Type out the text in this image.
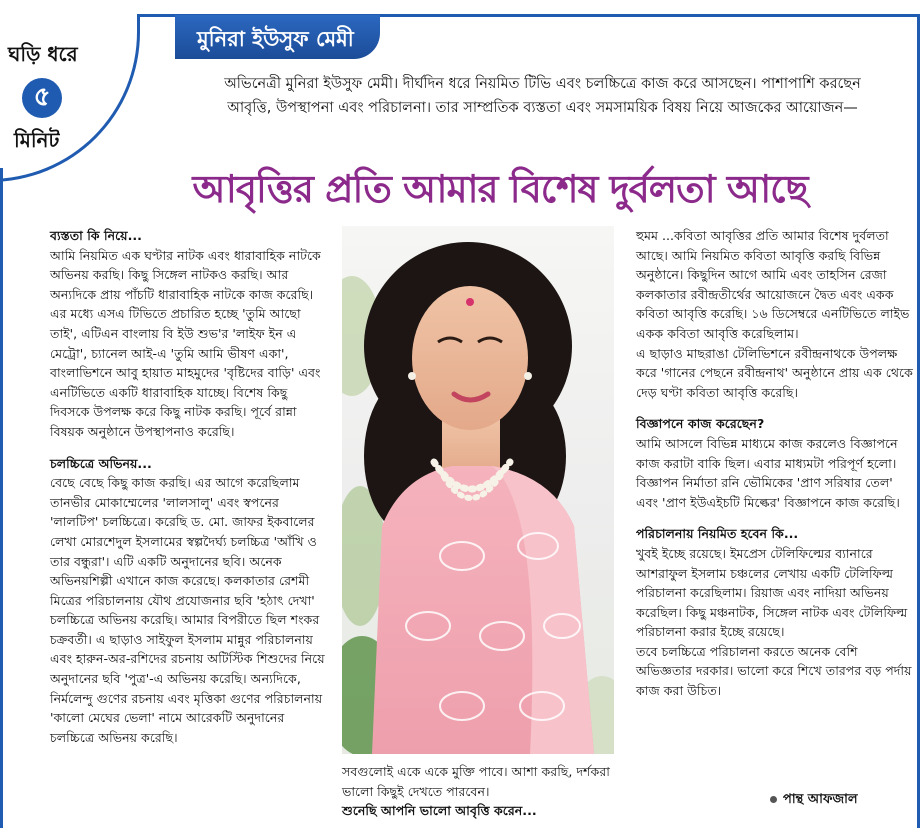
ঘড়ি ধরে
৫
মিনিট
মুনিরা ইউসুফ মেমী
অভিনেত্রী মুনিরা ইউসুফ মেমী। দীর্ঘদিন ধরে নিয়মিত টিভি এবং চলচ্চিত্রে কাজ করে আসছেন। পাশাপাশি করছেন আবৃত্তি, উপস্থাপনা এবং পরিচালনা। তার সাম্প্রতিক ব্যস্ততা এবং সমসাময়িক বিষয় নিয়ে আজকের আয়োজন—
আবৃত্তির প্রতি আমার বিশেষ দুর্বলতা আছে

ব্যস্ততা কি নিয়ে...

আমি নিয়মিত এক ঘণ্টার নাটক এবং ধারাবাহিক নাটকে অভিনয় করছি। কিছু সিঙ্গেল নাটকও করছি। আর অন্যদিকে প্রায় পাঁচটি ধারাবাহিক নাটকে কাজ করেছি। এর মধ্যে এসএ টিভিতে প্রচারিত হচ্ছে 'তুমি আছো তাই', এটিএন বাংলায় বি ইউ শুভ'র 'লাইফ ইন এ মেট্রো', চ্যানেল আই-এ 'তুমি আমি ভীষণ একা', বাংলাভিশনে আবু হায়াত মাহমুদের 'বৃষ্টিদের বাড়ি' এবং এনটিভিতে একটি ধারাবাহিক যাচ্ছে। বিশেষ কিছু দিবসকে উপলক্ষ করে কিছু নাটক করছি। পূর্বে রান্না বিষয়ক অনুষ্ঠানে উপস্থাপনাও করেছি।

চলচ্চিত্রে অভিনয়...

বেছে বেছে কিছু কাজ করছি। এর আগে করেছিলাম তানভীর মোকাম্মেলের 'লালসালু' এবং স্বপনের 'লালটিপ' চলচ্চিত্রে। করেছি ড. মো. জাফর ইকবালের লেখা মোরশেদুল ইসলামের স্বল্পদৈর্ঘ্য চলচ্চিত্র 'আঁখি ও তার বন্ধুরা'। এটি একটি অনুদানের ছবি। অনেক অভিনয়শিল্পী এখানে কাজ করেছে। কলকাতার রেশমী মিত্রের পরিচালনায় যৌথ প্রযোজনার ছবি 'হঠাৎ দেখা' চলচ্চিত্রে অভিনয় করেছি। আমার বিপরীতে ছিল শংকর চক্রবর্তী। এ ছাড়াও সাইফুল ইসলাম মান্নুর পরিচালনায় এবং হারুন-অর-রশিদের রচনায় অটিস্টিক শিশুদের নিয়ে অনুদানের ছবি 'পুত্র'-এ অভিনয় করেছি। অন্যদিকে, নির্মলেন্দু গুণের রচনায় এবং মৃত্তিকা গুণের পরিচালনায় 'কালো মেঘের ভেলা' নামে আরেকটি অনুদানের চলচ্চিত্রে অভিনয় করেছি।

সবগুলোই একে একে মুক্তি পাবে। আশা করছি, দর্শকরা ভালো কিছুই দেখতে পারবেন।

শুনেছি আপনি ভালো আবৃত্তি করেন...

হুমম ...কবিতা আবৃত্তির প্রতি আমার বিশেষ দুর্বলতা আছে। আমি নিয়মিত কবিতা আবৃত্তি করছি বিভিন্ন অনুষ্ঠানে। কিছুদিন আগে আমি এবং তাহসিন রেজা কলকাতার রবীন্দ্রতীর্থের আয়োজনে দ্বৈত এবং একক কবিতা আবৃত্তি করেছি। ১৬ ডিসেম্বরে এনটিভিতে লাইভ একক কবিতা আবৃত্তি করেছিলাম।

এ ছাড়াও মাছরাঙা টেলিভিশনে রবীন্দ্রনাথকে উপলক্ষ করে 'গানের পেছনে রবীন্দ্রনাথ' অনুষ্ঠানে প্রায় এক থেকে দেড় ঘণ্টা কবিতা আবৃত্তি করেছি।

বিজ্ঞাপনে কাজ করেছেন?

আমি আসলে বিভিন্ন মাধ্যমে কাজ করলেও বিজ্ঞাপনে কাজ করাটা বাকি ছিল। এবার মাধ্যমটা পরিপূর্ণ হলো।

বিজ্ঞাপন নির্মাতা রনি ভৌমিকের 'প্রাণ সরিষার তেল' এবং 'প্রাণ ইউএইচটি মিল্কের' বিজ্ঞাপনে কাজ করেছি।

পরিচালনায় নিয়মিত হবেন কি...

খুবই ইচ্ছে রয়েছে। ইমপ্রেস টেলিফিল্মের ব্যানারে আশরাফুল ইসলাম চঞ্চলের লেখায় একটি টেলিফিল্ম পরিচালনা করেছিলাম। রিয়াজ এবং নাদিয়া অভিনয় করেছিল। কিছু মঞ্চনাটক, সিঙ্গেল নাটক এবং টেলিফিল্ম পরিচালনা করার ইচ্ছে রয়েছে।

তবে চলচ্চিত্রে পরিচালনা করতে অনেক বেশি অভিজ্ঞতার দরকার। ভালো করে শিখে তারপর বড় পর্দায় কাজ করা উচিত।

পান্থ আফজাল
